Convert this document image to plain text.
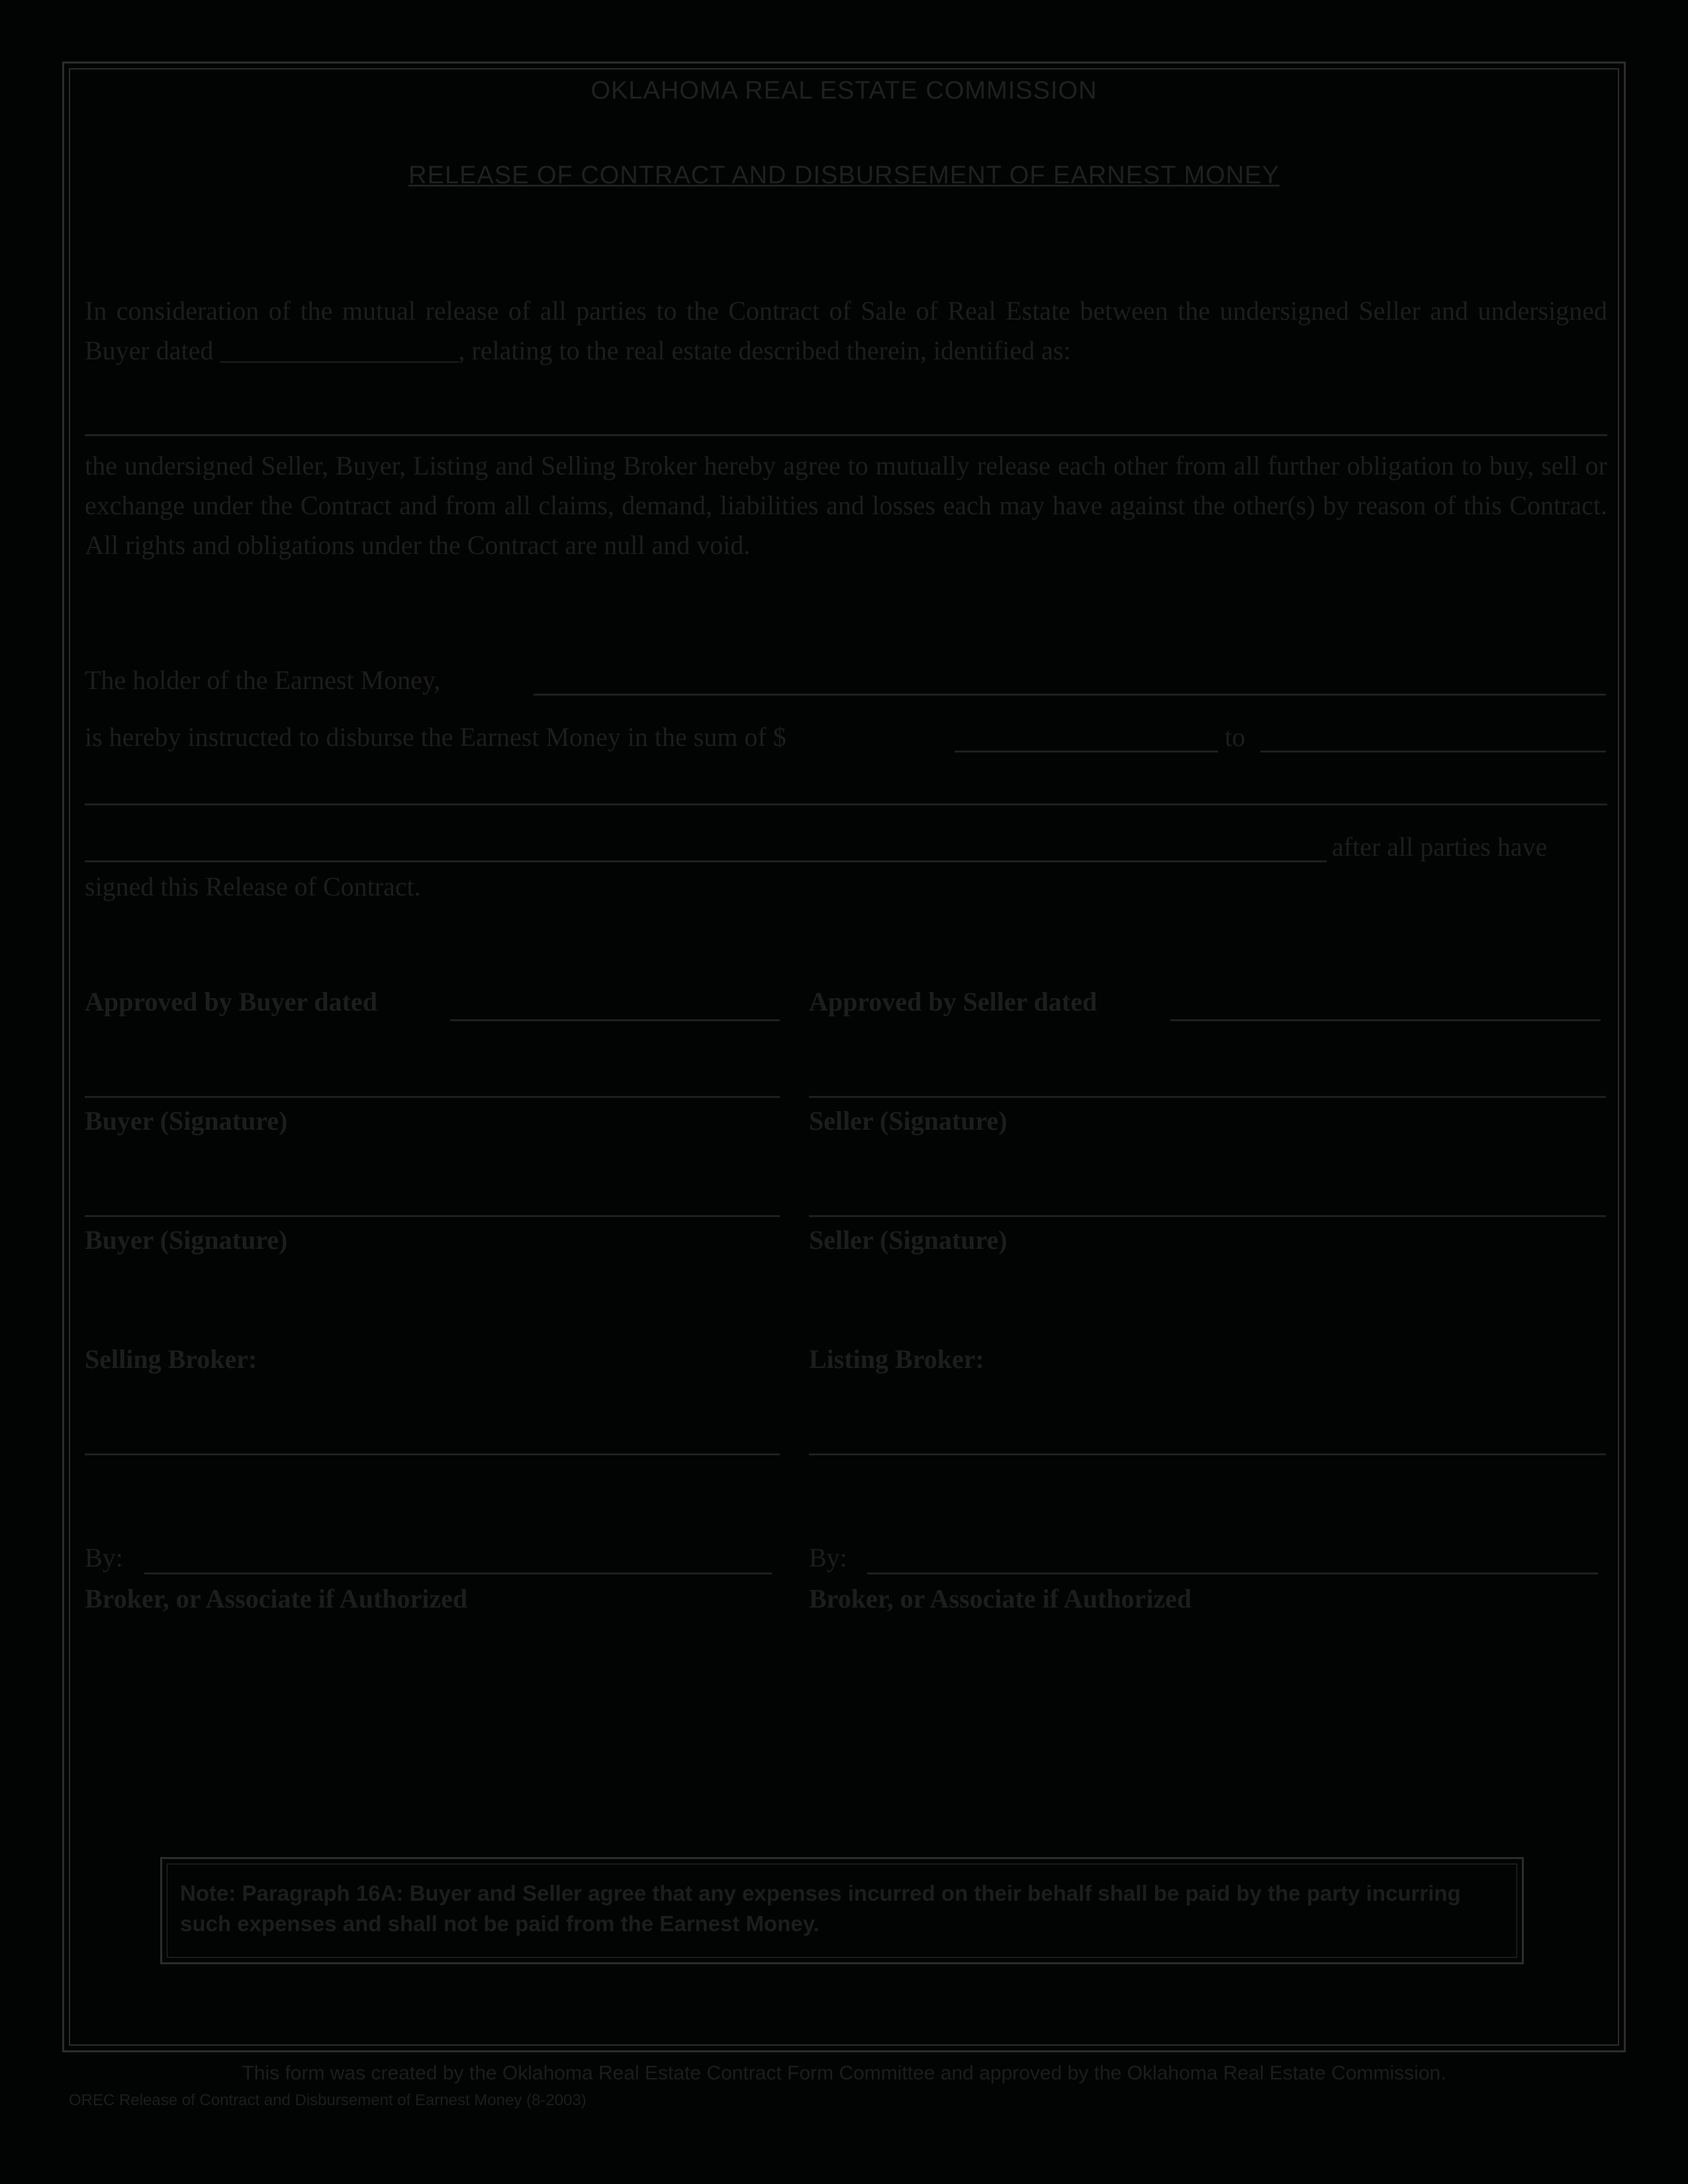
OKLAHOMA REAL ESTATE COMMISSION
RELEASE OF CONTRACT AND DISBURSEMENT OF EARNEST MONEY
In consideration of the mutual release of all parties to the Contract of Sale of Real Estate between the undersigned Seller and undersigned Buyer dated __________________, relating to the real estate described therein, identified as:
the undersigned Seller, Buyer, Listing and Selling Broker hereby agree to mutually release each other from all further obligation to buy, sell or exchange under the Contract and from all claims, demand, liabilities and losses each may have against the other(s) by reason of this Contract. All rights and obligations under the Contract are null and void.
The holder of the Earnest Money,
is hereby instructed to disburse the Earnest Money in the sum of $	to
after all parties have
signed this Release of Contract.
Approved by Buyer dated	Approved by Seller dated
Buyer (Signature)	Seller (Signature)
Buyer (Signature)	Seller (Signature)
Selling Broker:	Listing Broker:
By:	By:
Broker, or Associate if Authorized	Broker, or Associate if Authorized
Note: Paragraph 16A: Buyer and Seller agree that any expenses incurred on their behalf shall be paid by the party incurring such expenses and shall not be paid from the Earnest Money.
This form was created by the Oklahoma Real Estate Contract Form Committee and approved by the Oklahoma Real Estate Commission.
OREC Release of Contract and Disbursement of Earnest Money (8-2003)
